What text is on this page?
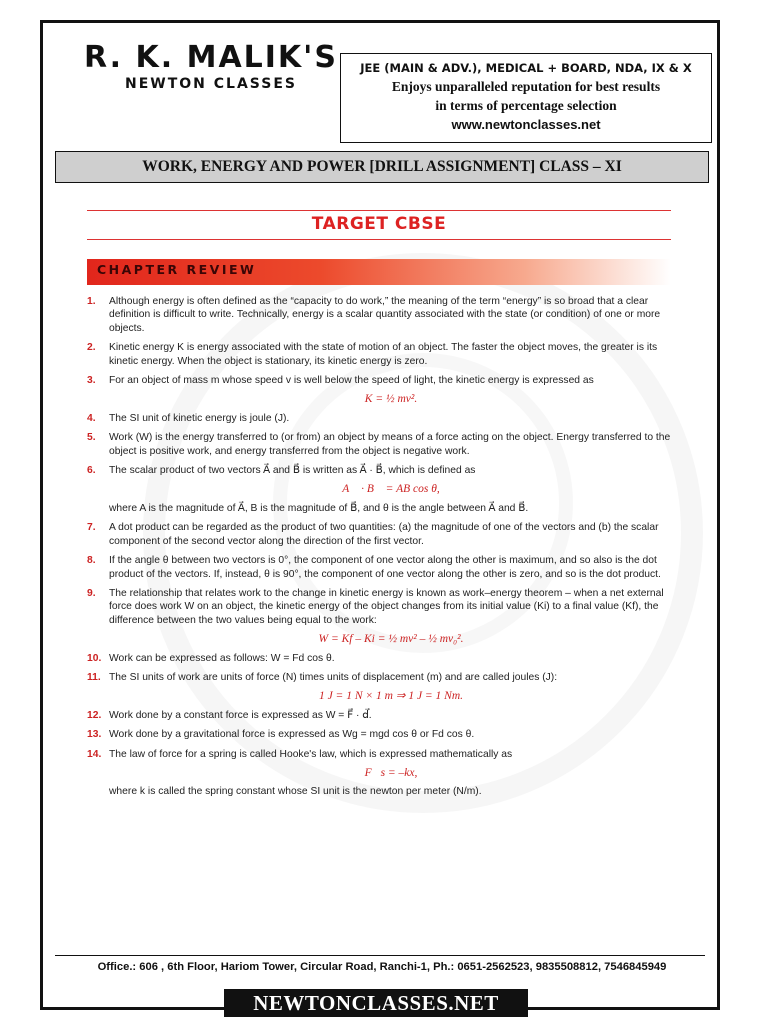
R. K. MALIK'S
NEWTON CLASSES
JEE (MAIN & ADV.), MEDICAL + BOARD, NDA, IX & X
Enjoys unparalleled reputation for best results
in terms of percentage selection
www.newtonclasses.net
WORK, ENERGY AND POWER [DRILL ASSIGNMENT] CLASS – XI
TARGET CBSE
CHAPTER REVIEW
1.	Although energy is often defined as the “capacity to do work,” the meaning of the term “energy” is so broad that a clear definition is difficult to write. Technically, energy is a scalar quantity associated with the state (or condition) of one or more objects.
2.	Kinetic energy K is energy associated with the state of motion of an object. The faster the object moves, the greater is its kinetic energy. When the object is stationary, its kinetic energy is zero.
3.	For an object of mass m whose speed v is well below the speed of light, the kinetic energy is expressed as
K = ½ mv².
4.	The SI unit of kinetic energy is joule (J).
5.	Work (W) is the energy transferred to (or from) an object by means of a force acting on the object. Energy transferred to the object is positive work, and energy transferred from the object is negative work.
6.	The scalar product of two vectors A⃗ and B⃗ is written as A⃗ · B⃗, which is defined as
A⃗ · B⃗ = AB cos θ,
where A is the magnitude of A⃗, B is the magnitude of B⃗, and θ is the angle between A⃗ and B⃗.
7.	A dot product can be regarded as the product of two quantities: (a) the magnitude of one of the vectors and (b) the scalar component of the second vector along the direction of the first vector.
8.	If the angle θ between two vectors is 0°, the component of one vector along the other is maximum, and so also is the dot product of the vectors. If, instead, θ is 90°, the component of one vector along the other is zero, and so is the dot product.
9.	The relationship that relates work to the change in kinetic energy is known as work–energy theorem – when a net external force does work W on an object, the kinetic energy of the object changes from its initial value (Ki) to a final value (Kf), the difference between the two values being equal to the work:
W = Kf – Ki = ½ mv² – ½ mv₀².
10. Work can be expressed as follows: W = Fd cos θ.
11. The SI units of work are units of force (N) times units of displacement (m) and are called joules (J):
1 J = 1 N × 1 m ⇒ 1 J = 1 Nm.
12. Work done by a constant force is expressed as W = F⃗ · d⃗.
13. Work done by a gravitational force is expressed as Wg = mgd cos θ or Fd cos θ.
14. The law of force for a spring is called Hooke's law, which is expressed mathematically as
F⃗s = –kx,
where k is called the spring constant whose SI unit is the newton per meter (N/m).
Office.: 606 , 6th Floor, Hariom Tower, Circular Road, Ranchi-1, Ph.: 0651-2562523, 9835508812, 7546845949
NEWTONCLASSES.NET
